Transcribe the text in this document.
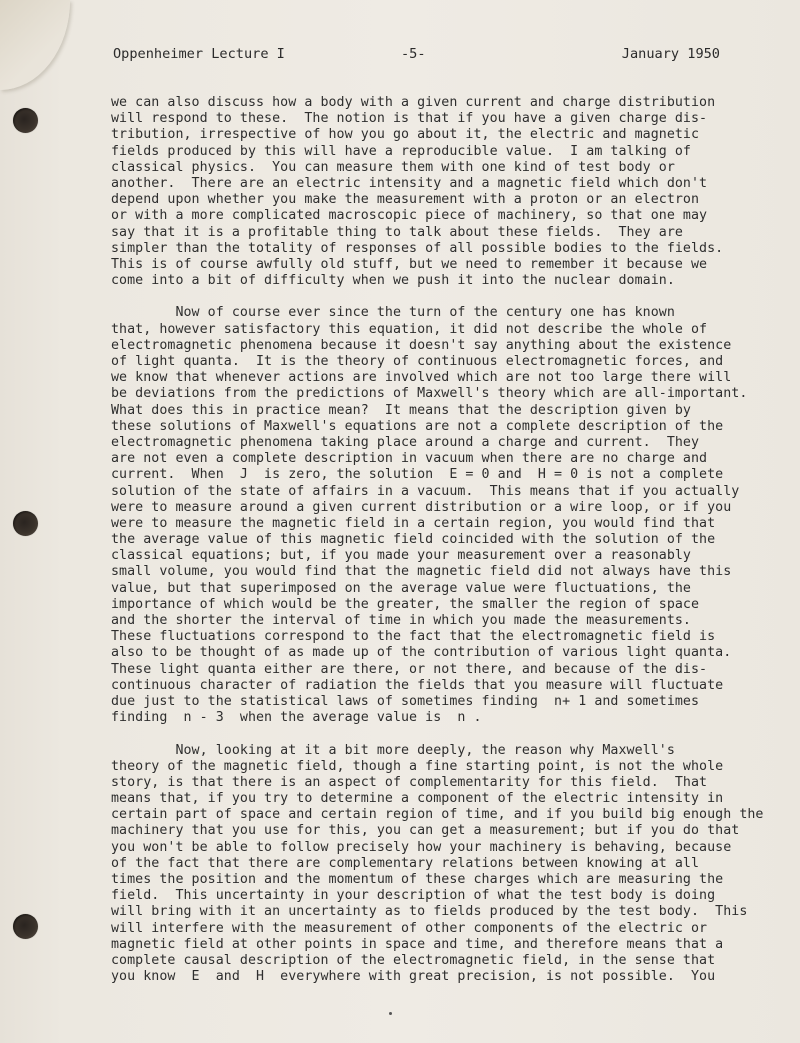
Oppenheimer Lecture I	-5-	January 1950
we can also discuss how a body with a given current and charge distribution
will respond to these.  The notion is that if you have a given charge dis-
tribution, irrespective of how you go about it, the electric and magnetic
fields produced by this will have a reproducible value.  I am talking of
classical physics.  You can measure them with one kind of test body or
another.  There are an electric intensity and a magnetic field which don't
depend upon whether you make the measurement with a proton or an electron
or with a more complicated macroscopic piece of machinery, so that one may
say that it is a profitable thing to talk about these fields.  They are
simpler than the totality of responses of all possible bodies to the fields.
This is of course awfully old stuff, but we need to remember it because we
come into a bit of difficulty when we push it into the nuclear domain.
Now of course ever since the turn of the century one has known
that, however satisfactory this equation, it did not describe the whole of
electromagnetic phenomena because it doesn't say anything about the existence
of light quanta.  It is the theory of continuous electromagnetic forces, and
we know that whenever actions are involved which are not too large there will
be deviations from the predictions of Maxwell's theory which are all-important.
What does this in practice mean?  It means that the description given by
these solutions of Maxwell's equations are not a complete description of the
electromagnetic phenomena taking place around a charge and current.  They
are not even a complete description in vacuum when there are no charge and
current.  When  J  is zero, the solution  E = 0 and  H = 0 is not a complete
solution of the state of affairs in a vacuum.  This means that if you actually
were to measure around a given current distribution or a wire loop, or if you
were to measure the magnetic field in a certain region, you would find that
the average value of this magnetic field coincided with the solution of the
classical equations; but, if you made your measurement over a reasonably
small volume, you would find that the magnetic field did not always have this
value, but that superimposed on the average value were fluctuations, the
importance of which would be the greater, the smaller the region of space
and the shorter the interval of time in which you made the measurements.
These fluctuations correspond to the fact that the electromagnetic field is
also to be thought of as made up of the contribution of various light quanta.
These light quanta either are there, or not there, and because of the dis-
continuous character of radiation the fields that you measure will fluctuate
due just to the statistical laws of sometimes finding  n+ 1 and sometimes
finding  n - 3  when the average value is  n .
Now, looking at it a bit more deeply, the reason why Maxwell's
theory of the magnetic field, though a fine starting point, is not the whole
story, is that there is an aspect of complementarity for this field.  That
means that, if you try to determine a component of the electric intensity in
certain part of space and certain region of time, and if you build big enough the
machinery that you use for this, you can get a measurement; but if you do that
you won't be able to follow precisely how your machinery is behaving, because
of the fact that there are complementary relations between knowing at all
times the position and the momentum of these charges which are measuring the
field.  This uncertainty in your description of what the test body is doing
will bring with it an uncertainty as to fields produced by the test body.  This
will interfere with the measurement of other components of the electric or
magnetic field at other points in space and time, and therefore means that a
complete causal description of the electromagnetic field, in the sense that
you know  E  and  H  everywhere with great precision, is not possible.  You
